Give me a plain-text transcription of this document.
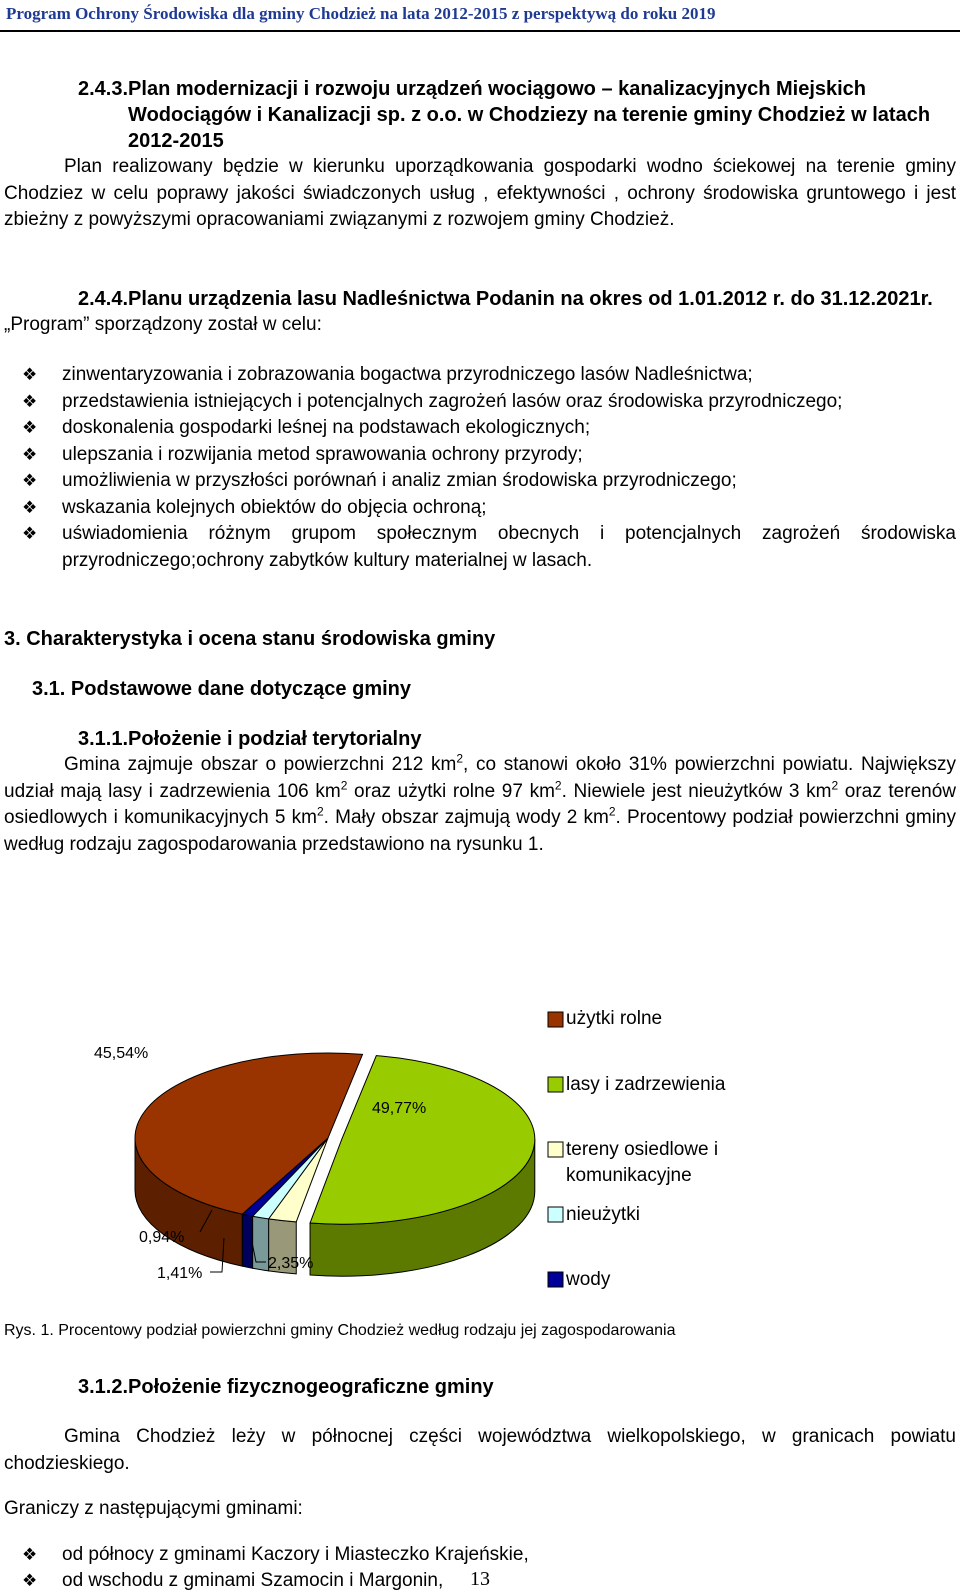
Program Ochrony Środowiska dla gminy Chodzież na lata 2012-2015 z perspektywą do roku 2019
2.4.3. Plan modernizacji i rozwoju urządzeń wociągowo – kanalizacyjnych Miejskich Wodociągów i Kanalizacji sp. z o.o. w Chodziezy na terenie gminy Chodzież w latach 2012-2015

Plan realizowany będzie w kierunku uporządkowania gospodarki wodno ściekowej na terenie gminy Chodziez w celu poprawy jakości świadczonych usług , efektywności , ochrony środowiska gruntowego i jest zbieżny z powyższymi opracowaniami związanymi z rozwojem gminy Chodzież.

2.4.4. Planu urządzenia lasu Nadleśnictwa Podanin na okres od 1.01.2012 r. do 31.12.2021r.

„Program” sporządzony został w celu:

❖ zinwentaryzowania i zobrazowania bogactwa przyrodniczego lasów Nadleśnictwa;
❖ przedstawienia istniejących i potencjalnych zagrożeń lasów oraz środowiska przyrodniczego;
❖ doskonalenia gospodarki leśnej na podstawach ekologicznych;
❖ ulepszania i rozwijania metod sprawowania ochrony przyrody;
❖ umożliwienia w przyszłości porównań i analiz zmian środowiska przyrodniczego;
❖ wskazania kolejnych obiektów do objęcia ochroną;
❖ uświadomienia różnym grupom społecznym obecnych i potencjalnych zagrożeń środowiska przyrodniczego;ochrony zabytków kultury materialnej w lasach.
3. Charakterystyka i ocena stanu środowiska gminy
3.1. Podstawowe dane dotyczące gminy
3.1.1. Położenie i podział terytorialny

Gmina zajmuje obszar o powierzchni 212 $km^2$, co stanowi około 31% powierzchni powiatu. Największy udział mają lasy i zadrzewienia 106 $km^2$ oraz użytki rolne 97 $km^2$. Niewiele jest nieużytków 3 $km^2$ oraz terenów osiedlowych i komunikacyjnych 5 $km^2$. Mały obszar zajmują wody 2 $km^2$. Procentowy podział powierzchni gminy według rodzaju zagospodarowania przedstawiono na rysunku 1.

45,54%
49,77%
2,35%
1,41%
0,94%
użytki rolne
lasy i zadrzewienia
tereny osiedlowe i
komunikacyjne
nieużytki
wody
Rys. 1. Procentowy podział powierzchni gminy Chodzież według rodzaju jej zagospodarowania
3.1.2. Położenie fizycznogeograficzne gminy

Gmina Chodzież leży w północnej części województwa wielkopolskiego, w granicach powiatu chodzieskiego.

Graniczy z następującymi gminami:

❖ od północy z gminami Kaczory i Miasteczko Krajeńskie,
❖ od wschodu z gminami Szamocin i Margonin,	13
